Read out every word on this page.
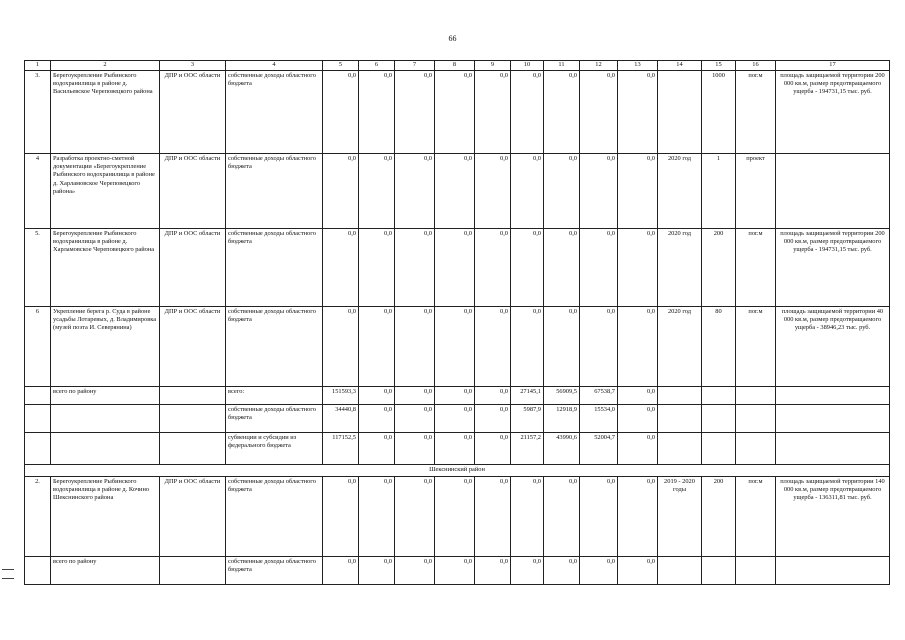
66
1	2	3	4	5	6	7	8	9	10	11	12	13	14	15	16	17
3.	Берегоукрепление Рыбинского водохранилища в районе д. Васильевское Череповецкого района	ДПР и ООС области	собственные доходы областного бюджета	0,0	0,0	0,0	0,0	0,0	0,0	0,0	0,0	0,0		1000	пог.м	площадь защищаемой территории 200 000 кв.м, размер предотвращаемого ущерба - 194731,15 тыс. руб.
4	Разработка проектно-сметной документации «Берегоукрепление Рыбинского водохранилища в районе д. Харламовское Череповецкого района»	ДПР и ООС области	собственные доходы областного бюджета	0,0	0,0	0,0	0,0	0,0	0,0	0,0	0,0	0,0	2020 год	1	проект	
5.	Берегоукрепление Рыбинского водохранилища в районе д. Харламовское Череповецкого района	ДПР и ООС области	собственные доходы областного бюджета	0,0	0,0	0,0	0,0	0,0	0,0	0,0	0,0	0,0	2020 год	200	пог.м	площадь защищаемой территории 200 000 кв.м, размер предотвращаемого ущерба - 194731,15 тыс. руб.
6	Укрепление берега р. Суда в районе усадьбы Лотаревых, д. Владимировка (музей поэта И. Северянина)	ДПР и ООС области	собственные доходы областного бюджета	0,0	0,0	0,0	0,0	0,0	0,0	0,0	0,0	0,0	2020 год	80	пог.м	площадь защищаемой территории 40 000 кв.м, размер предотвращаемого ущерба - 38946,23 тыс. руб.
	всего по району		всего:	151593,3	0,0	0,0	0,0	0,0	27145,1	56909,5	67538,7	0,0				
			собственные доходы областного бюджета	34440,8	0,0	0,0	0,0	0,0	5987,9	12918,9	15534,0	0,0				
			субвенции и субсидии из федерального бюджета	117152,5	0,0	0,0	0,0	0,0	21157,2	43990,6	52004,7	0,0				
Шекснинский район																
2.	Берегоукрепление Рыбинского водохранилища в районе д. Кочино Шекснинского района	ДПР и ООС области	собственные доходы областного бюджета	0,0	0,0	0,0	0,0	0,0	0,0	0,0	0,0	0,0	2019 - 2020 годы	200	пог.м	площадь защищаемой территории 140 000 кв.м, размер предотвращаемого ущерба - 136311,81 тыс. руб.
	всего по району		собственные доходы областного бюджета	0,0	0,0	0,0	0,0	0,0	0,0	0,0	0,0	0,0				
